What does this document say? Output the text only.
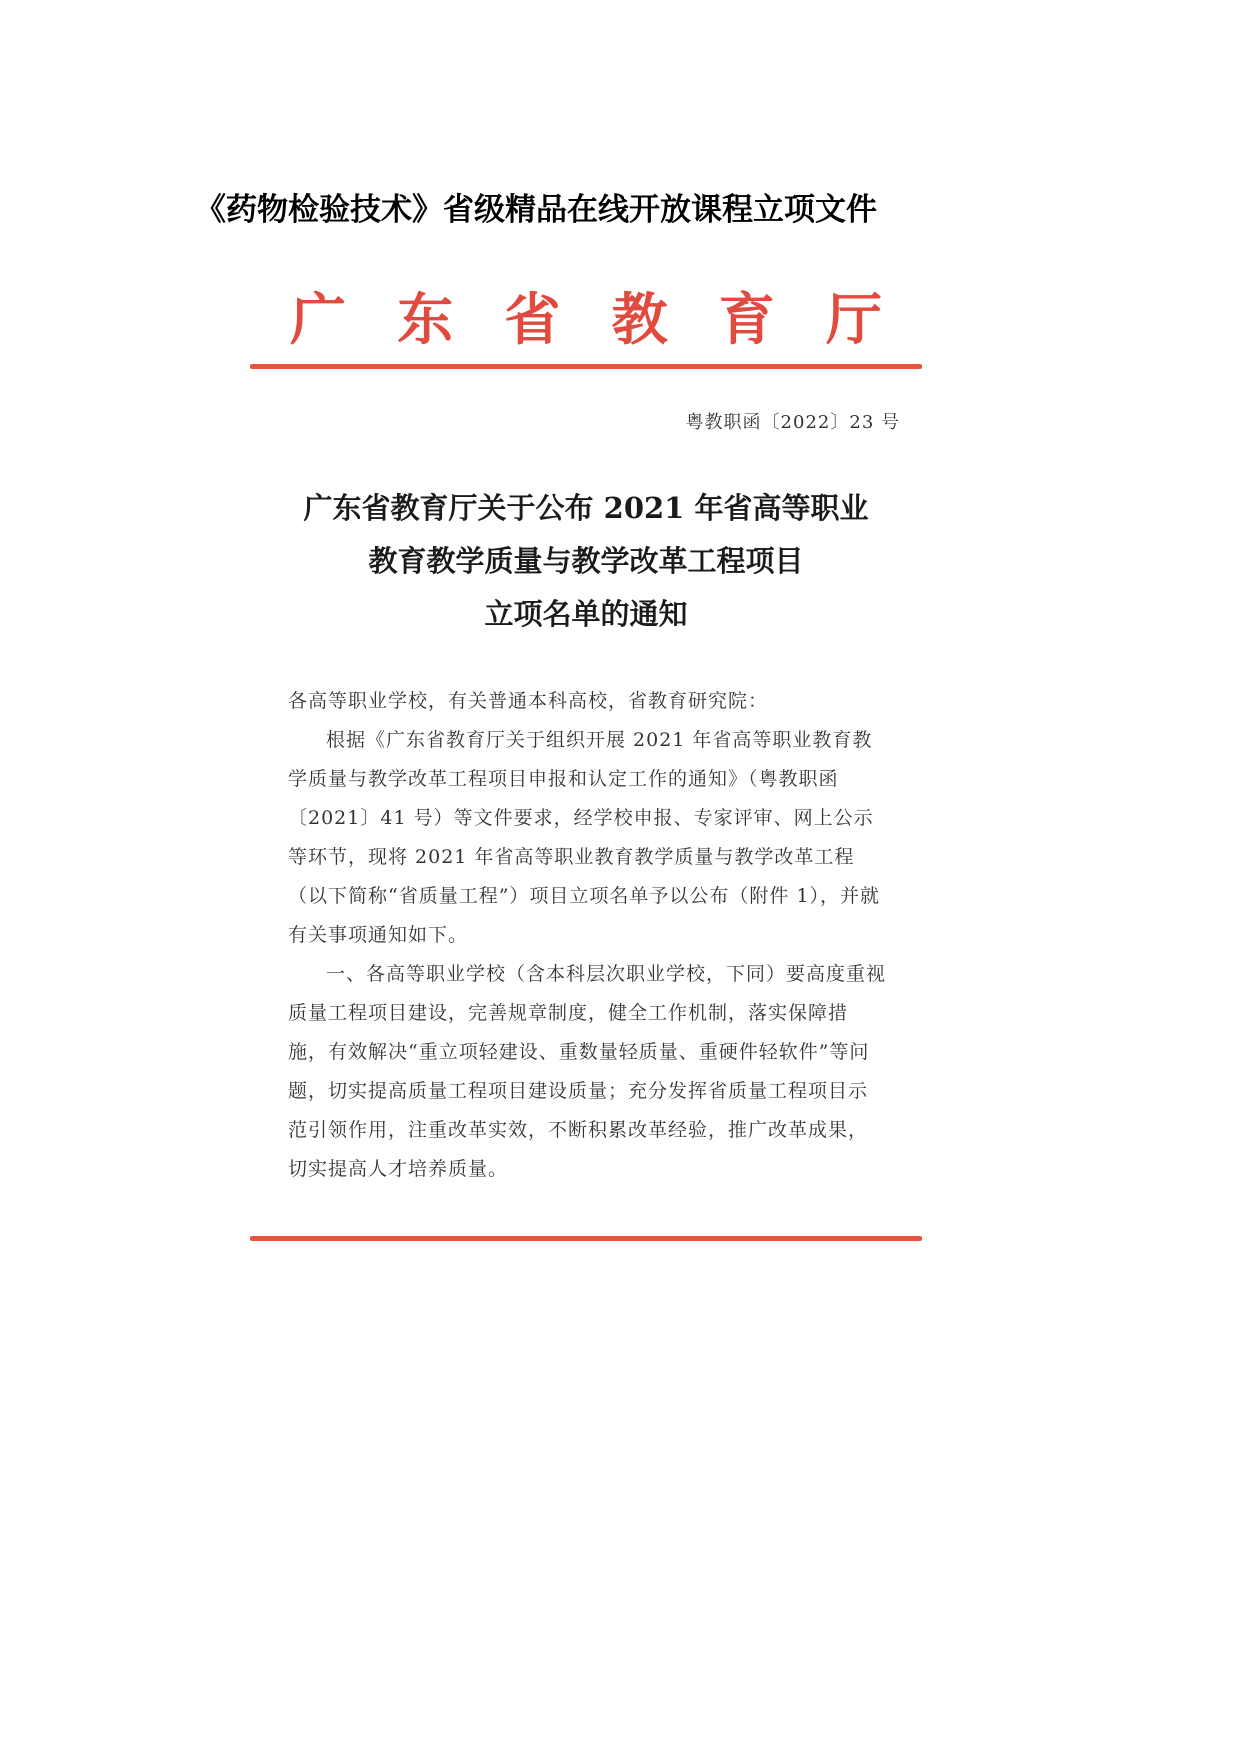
《药物检验技术》省级精品在线开放课程立项文件
广 东 省 教 育 厅
粤教职函〔2022〕23 号
广东省教育厅关于公布 2021 年省高等职业
教育教学质量与教学改革工程项目
立项名单的通知

各高等职业学校，有关普通本科高校，省教育研究院：

根据《广东省教育厅关于组织开展 2021 年省高等职业教育教学质量与教学改革工程项目申报和认定工作的通知》（粤教职函〔2021〕41 号）等文件要求，经学校申报、专家评审、网上公示等环节，现将 2021 年省高等职业教育教学质量与教学改革工程（以下简称“省质量工程”）项目立项名单予以公布（附件 1），并就有关事项通知如下。

一、各高等职业学校（含本科层次职业学校，下同）要高度重视质量工程项目建设，完善规章制度，健全工作机制，落实保障措施，有效解决“重立项轻建设、重数量轻质量、重硬件轻软件”等问题，切实提高质量工程项目建设质量；充分发挥省质量工程项目示范引领作用，注重改革实效，不断积累改革经验，推广改革成果，切实提高人才培养质量。
